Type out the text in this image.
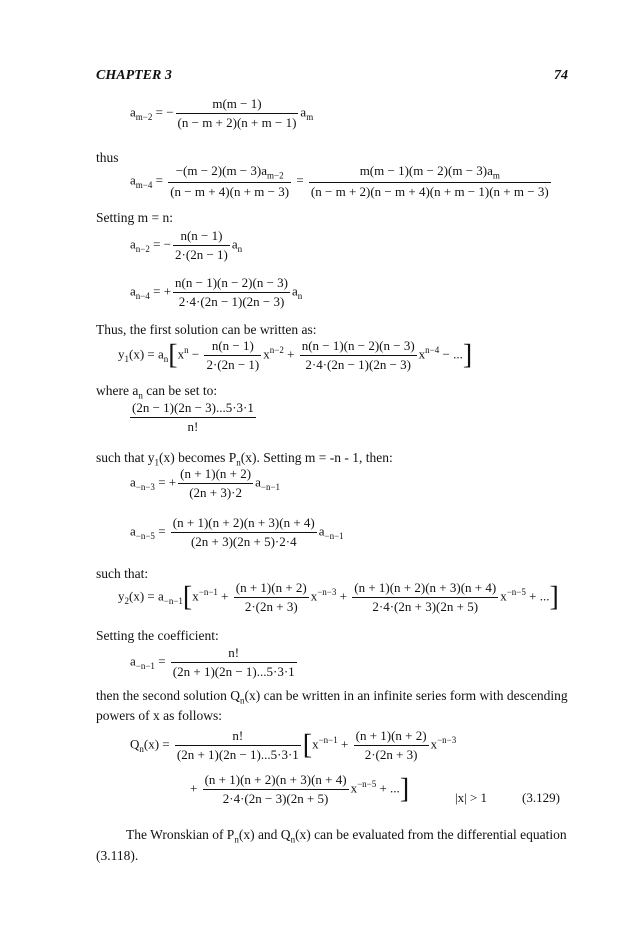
CHAPTER 3	74
$a_{m-2}$ = − $\frac{m(m - 1)}{(n - m + 2)(n + m - 1)} a_m$
thus
$a_{m-4} = \frac{-(m - 2)(m - 3)a_{m-2}}{(n - m + 4)(n + m - 3)} = \frac{m(m - 1)(m - 2)(m - 3)a_m}{(n - m + 2)(n - m + 4)(n + m - 1)(n + m - 3)}$
Setting m = n:
$a_{n-2}$ = − $\frac{n(n - 1)}{2\cdot(2n - 1)} a_n$
$a_{n-4}$ = + $\frac{n(n - 1)(n - 2)(n - 3)}{2\cdot 4\cdot(2n - 1)(2n - 3)} a_n$
Thus, the first solution can be written as:
$y_1(x) = a_n[x^n - \frac{n(n - 1)}{2\cdot(2n - 1)} x^{n-2} + \frac{n(n - 1)(n - 2)(n - 3)}{2\cdot 4\cdot(2n - 1)(2n - 3)} x^{n-4}$ − ...]
where $a_n$ can be set to:
$\frac{(2n - 1)(2n - 3)...5\cdot 3\cdot 1}{n!}$
such that $y_1(x)$ becomes $P_n(x)$. Setting m = -n - 1, then:
$a_{-n-3}$ = + $\frac{(n + 1)(n + 2)}{(2n + 3)\cdot 2} a_{-n-1}$
$a_{-n-5} = \frac{(n + 1)(n + 2)(n + 3)(n + 4)}{(2n + 3)(2n + 5)\cdot 2\cdot 4} a_{-n-1}$
such that:
$y_2(x) = a_{-n-1}[x^{-n-1} + \frac{(n + 1)(n + 2)}{2\cdot(2n + 3)} x^{-n-3} + \frac{(n + 1)(n + 2)(n + 3)(n + 4)}{2\cdot 4\cdot(2n + 3)(2n + 5)} x^{-n-5}$ + ...]
Setting the coefficient:
$a_{-n-1} = \frac{n!}{(2n + 1)(2n - 1)...5\cdot 3\cdot 1}$
then the second solution $Q_n(x)$ can be written in an infinite series form with descending
powers of x as follows:
$Q_n(x) = \frac{n!}{(2n + 1)(2n - 1)...5\cdot 3\cdot 1} [x^{-n-1} + \frac{(n + 1)(n + 2)}{2\cdot(2n + 3)} x^{-n-3}$
+ $\frac{(n + 1)(n + 2)(n + 3)(n + 4)}{2\cdot 4\cdot(2n - 3)(2n + 5)} x^{-n-5}$ + ...]	|x| > 1	(3.129)
The Wronskian of $P_n(x)$ and $Q_n(x)$ can be evaluated from the differential equation
(3.118).
